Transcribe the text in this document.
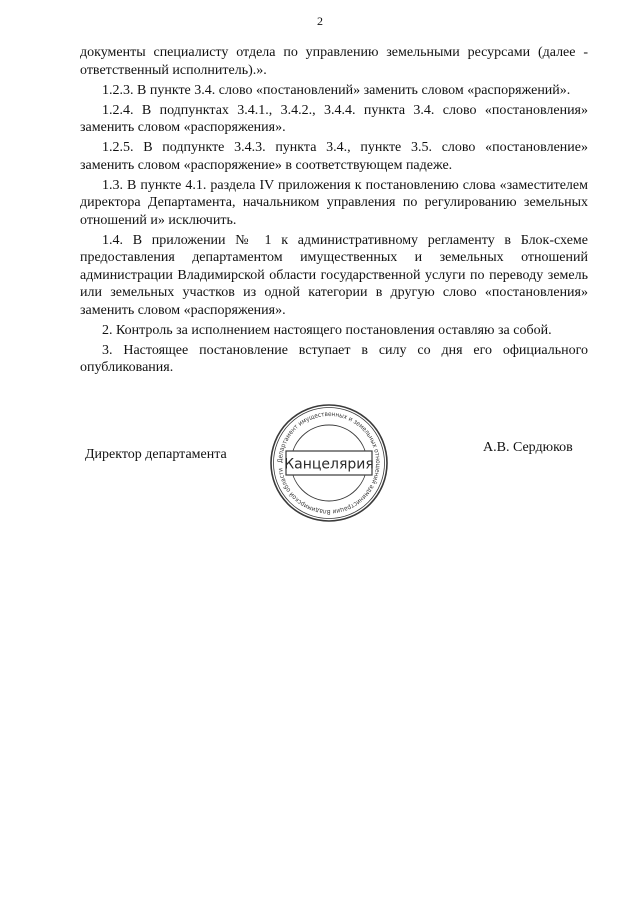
2

документы специалисту отдела по управлению земельными ресурсами (далее - ответственный исполнитель).».

1.2.3. В пункте 3.4. слово «постановлений» заменить словом «распоряжений».

1.2.4. В подпунктах 3.4.1., 3.4.2., 3.4.4. пункта 3.4. слово «постановления» заменить словом «распоряжения».

1.2.5. В подпункте 3.4.3. пункта 3.4., пункте 3.5. слово «постановление» заменить словом «распоряжение» в соответствующем падеже.

1.3. В пункте 4.1. раздела IV приложения к постановлению слова «заместителем директора Департамента, начальником управления по регулированию земельных отношений и» исключить.

1.4. В приложении № 1 к административному регламенту в Блок-схеме предоставления департаментом имущественных и земельных отношений администрации Владимирской области государственной услуги по переводу земель или земельных участков из одной категории в другую слово «постановления» заменить словом «распоряжения».

2. Контроль за исполнением настоящего постановления оставляю за собой.

3. Настоящее постановление вступает в силу со дня его официального опубликования.

Директор департамента	Департамент имущественных и земельных отношений администрации Владимирской области Канцелярия
А.В. Сердюков
